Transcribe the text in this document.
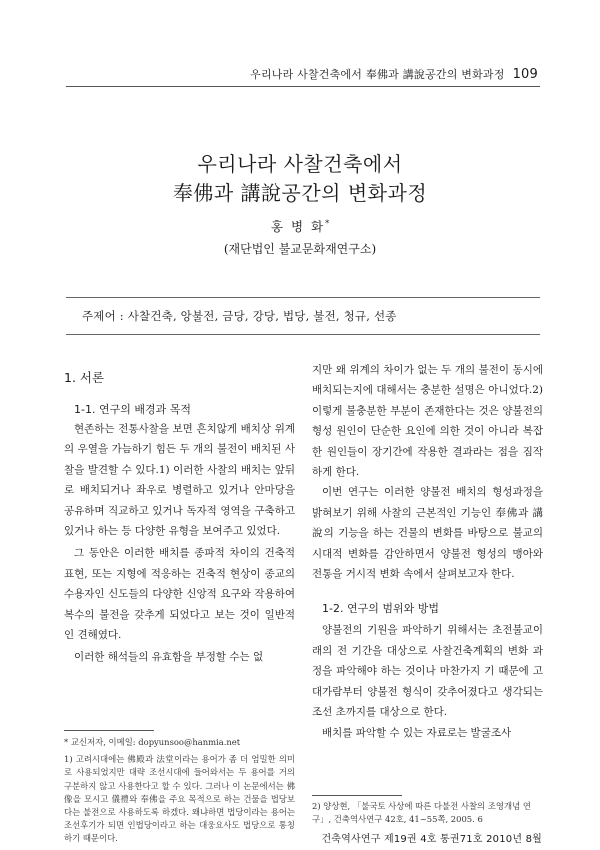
우리나라 사찰건축에서 奉佛과 講說공간의 변화과정 109
우리나라 사찰건축에서
奉佛과 講說공간의 변화과정
홍 병 화*
(재단법인 불교문화재연구소)
주제어 : 사찰건축, 앙불전, 금당, 강당, 법당, 불전, 청규, 선종
1. 서론
1-1. 연구의 배경과 목적

현존하는 전통사찰을 보면 흔치않게 배치상 위계의 우열을 가늠하기 힘든 두 개의 불전이 배치된 사찰을 발견할 수 있다.1) 이러한 사찰의 배치는 앞뒤로 배치되거나 좌우로 병렬하고 있거나 안마당을 공유하며 직교하고 있거나 독자적 영역을 구축하고 있거나 하는 등 다양한 유형을 보여주고 있었다.

그 동안은 이러한 배치를 종파적 차이의 건축적 표현, 또는 지형에 적응하는 건축적 현상이 종교의 수용자인 신도들의 다양한 신앙적 요구와 작용하여 복수의 불전을 갖추게 되었다고 보는 것이 일반적인 견해였다.

이러한 해석들의 유효함을 부정할 수는 없

지만 왜 위계의 차이가 없는 두 개의 불전이 동시에 배치되는지에 대해서는 충분한 설명은 아니었다.2) 이렇게 불충분한 부분이 존재한다는 것은 양불전의 형성 원인이 단순한 요인에 의한 것이 아니라 복잡한 원인들이 장기간에 작용한 결과라는 점을 짐작하게 한다.

이번 연구는 이러한 양불전 배치의 형성과정을 밝혀보기 위해 사찰의 근본적인 기능인 奉佛과 講說의 기능을 하는 건물의 변화를 바탕으로 불교의 시대적 변화를 감안하면서 양불전 형성의 맹아와 전통을 거시적 변화 속에서 살펴보고자 한다.

1-2. 연구의 범위와 방법

양불전의 기원을 파악하기 위해서는 초전불교이래의 전 기간을 대상으로 사찰건축계획의 변화 과정을 파악해야 하는 것이나 마찬가지 기 때문에 고대가람부터 양불전 형식이 갖추어졌다고 생각되는 조선 초까지를 대상으로 한다.

배치를 파악할 수 있는 자료로는 발굴조사

* 교신저자, 이메일: dopyunsoo@hanmia.net

1) 고려시대에는 佛殿과 法堂이라는 용어가 좀 더 엄밀한 의미로 사용되었지만 대략 조선시대에 들어와서는 두 용어를 거의 구분하지 않고 사용한다고 할 수 있다. 그러나 이 논문에서는 佛像을 모시고 儀禮와 奉佛을 주요 목적으로 하는 건물을 법당보다는 불전으로 사용하도록 하겠다. 왜냐하면 법당이라는 용어는 조선후기가 되면 인법당이라고 하는 대웅요사도 법당으로 통칭하기 때문이다.

2) 양상현, 「불국토 사상에 따른 다불전 사찰의 조영개념 연구」, 건축역사연구 42호, 41~55쪽, 2005. 6

건축역사연구 제19권 4호 통권71호 2010년 8월
